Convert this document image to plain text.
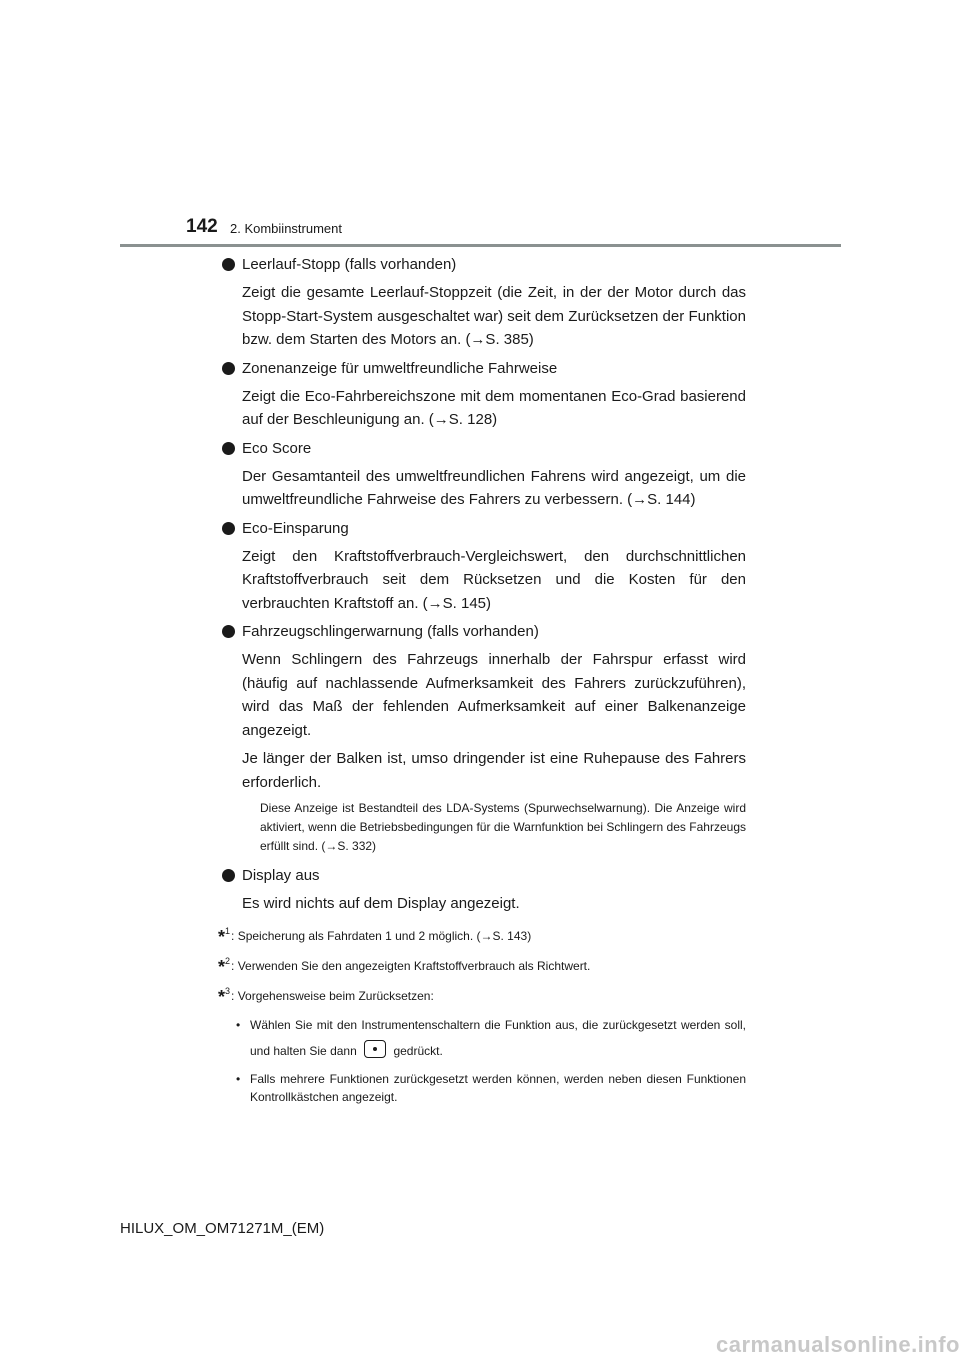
142 2. Kombiinstrument
Leerlauf-Stopp (falls vorhanden)

Zeigt die gesamte Leerlauf-Stoppzeit (die Zeit, in der der Motor durch das Stopp-Start-System ausgeschaltet war) seit dem Zurücksetzen der Funktion bzw. dem Starten des Motors an. (→S. 385)

Zonenanzeige für umweltfreundliche Fahrweise

Zeigt die Eco-Fahrbereichszone mit dem momentanen Eco-Grad basierend auf der Beschleunigung an. (→S. 128)

Eco Score

Der Gesamtanteil des umweltfreundlichen Fahrens wird angezeigt, um die umweltfreundliche Fahrweise des Fahrers zu verbessern. (→S. 144)

Eco-Einsparung

Zeigt den Kraftstoffverbrauch-Vergleichswert, den durchschnittlichen Kraftstoffverbrauch seit dem Rücksetzen und die Kosten für den verbrauchten Kraftstoff an. (→S. 145)

Fahrzeugschlingerwarnung (falls vorhanden)

Wenn Schlingern des Fahrzeugs innerhalb der Fahrspur erfasst wird (häufig auf nachlassende Aufmerksamkeit des Fahrers zurückzuführen), wird das Maß der fehlenden Aufmerksamkeit auf einer Balkenanzeige angezeigt.

Je länger der Balken ist, umso dringender ist eine Ruhepause des Fahrers erforderlich.

Diese Anzeige ist Bestandteil des LDA-Systems (Spurwechselwarnung). Die Anzeige wird aktiviert, wenn die Betriebsbedingungen für die Warnfunktion bei Schlingern des Fahrzeugs erfüllt sind. (→S. 332)

Display aus

Es wird nichts auf dem Display angezeigt.

*$^1$: Speicherung als Fahrdaten 1 und 2 möglich. (→S. 143)
*$^2$: Verwenden Sie den angezeigten Kraftstoffverbrauch als Richtwert.
*$^3$: Vorgehensweise beim Zurücksetzen:
• Wählen Sie mit den Instrumentenschaltern die Funktion aus, die zurückgesetzt werden soll, und halten Sie dann	gedrückt.
• Falls mehrere Funktionen zurückgesetzt werden können, werden neben diesen Funktionen Kontrollkästchen angezeigt.
HILUX_OM_OM71271M_(EM)
carmanualsonline.info
